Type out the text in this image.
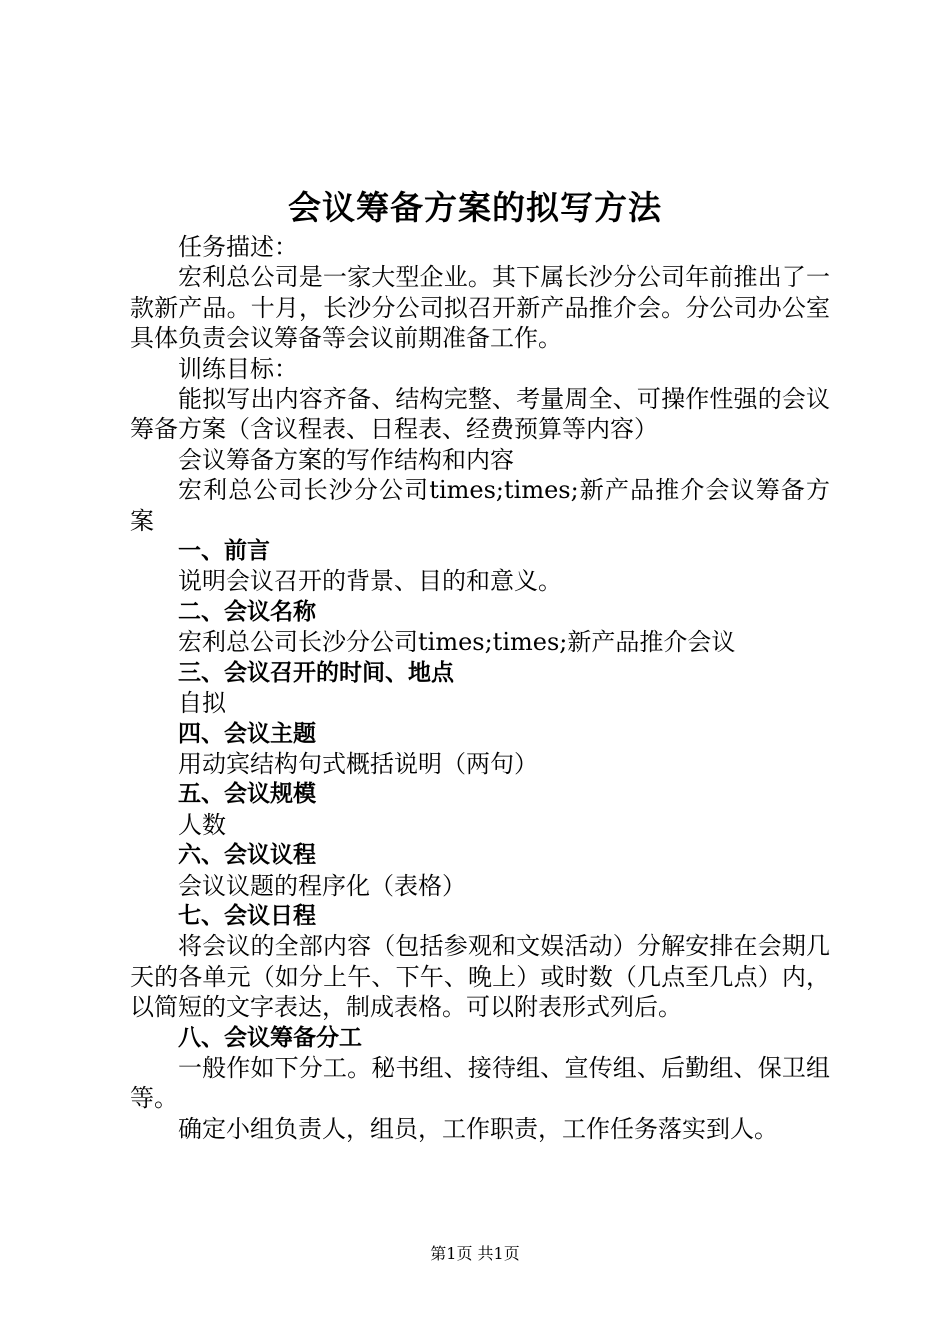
会议筹备方案的拟写方法

任务描述：

宏利总公司是一家大型企业。其下属长沙分公司年前推出了一款新产品。十月，长沙分公司拟召开新产品推介会。分公司办公室具体负责会议筹备等会议前期准备工作。

训练目标：

能拟写出内容齐备、结构完整、考量周全、可操作性强的会议筹备方案（含议程表、日程表、经费预算等内容）

会议筹备方案的写作结构和内容

宏利总公司长沙分公司times;times;新产品推介会议筹备方案

一、前言

说明会议召开的背景、目的和意义。

二、会议名称

宏利总公司长沙分公司times;times;新产品推介会议

三、会议召开的时间、地点

自拟

四、会议主题

用动宾结构句式概括说明（两句）

五、会议规模

人数

六、会议议程

会议议题的程序化（表格）

七、会议日程

将会议的全部内容（包括参观和文娱活动）分解安排在会期几天的各单元（如分上午、下午、晚上）或时数（几点至几点）内，以简短的文字表达，制成表格。可以附表形式列后。

八、会议筹备分工

一般作如下分工。秘书组、接待组、宣传组、后勤组、保卫组等。

确定小组负责人，组员，工作职责，工作任务落实到人。

第1页 共1页
